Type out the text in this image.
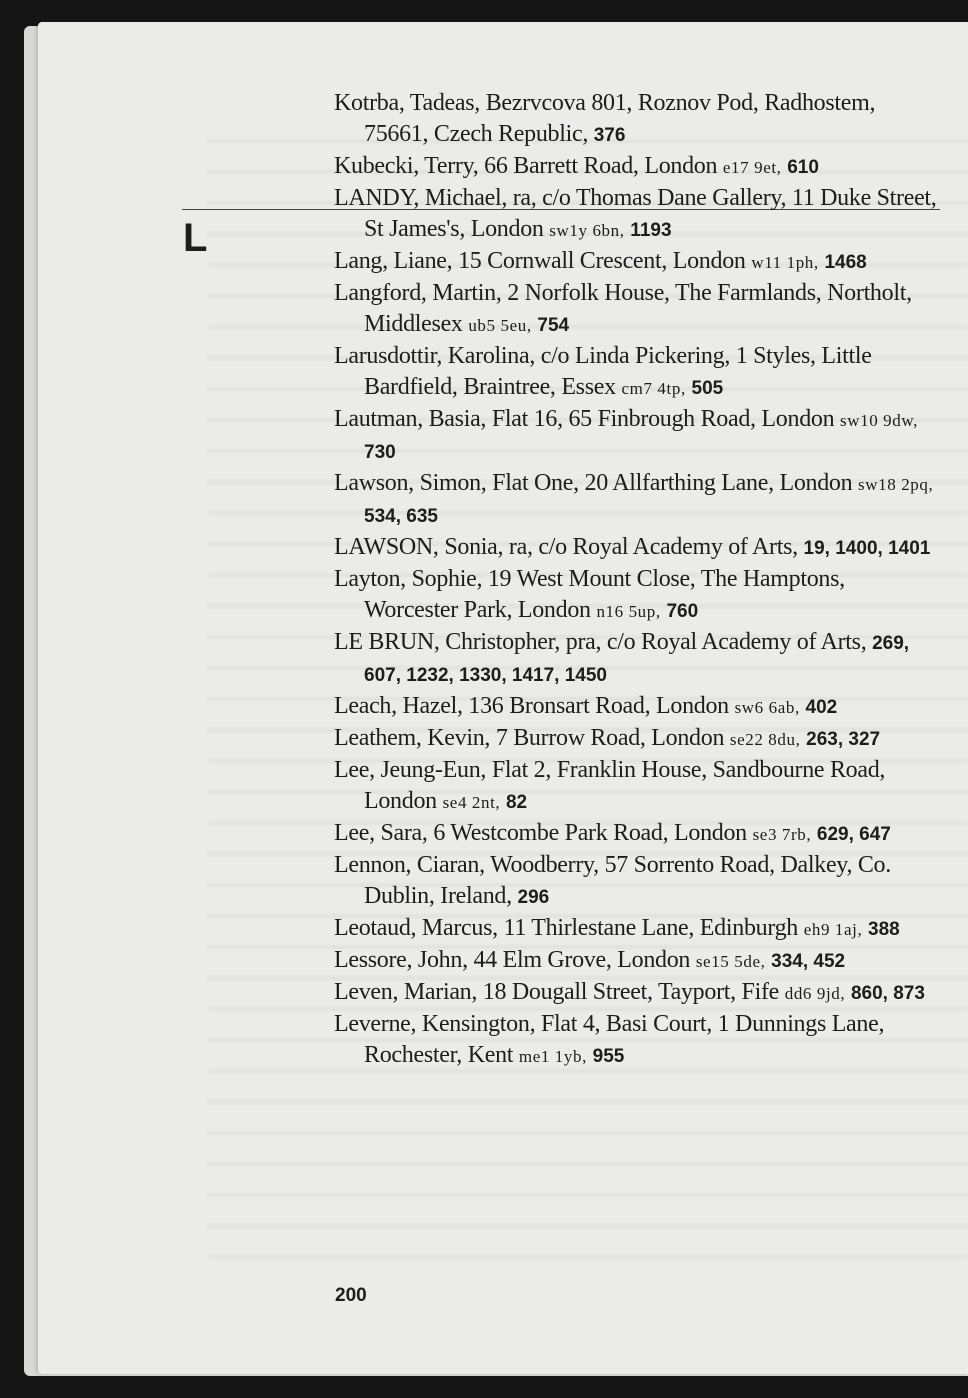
L
Kotrba, Tadeas, Bezrvcova 801, Roznov Pod, Radhostem, 75661, Czech Republic, 376
Kubecki, Terry, 66 Barrett Road, London e17 9et, 610
LANDY, Michael, ra, c/o Thomas Dane Gallery, 11 Duke Street, St James's, London sw1y 6bn, 1193
Lang, Liane, 15 Cornwall Crescent, London w11 1ph, 1468
Langford, Martin, 2 Norfolk House, The Farmlands, Northolt, Middlesex ub5 5eu, 754
Larusdottir, Karolina, c/o Linda Pickering, 1 Styles, Little Bardfield, Braintree, Essex cm7 4tp, 505
Lautman, Basia, Flat 16, 65 Finbrough Road, London sw10 9dw, 730
Lawson, Simon, Flat One, 20 Allfarthing Lane, London sw18 2pq, 534, 635
LAWSON, Sonia, ra, c/o Royal Academy of Arts, 19, 1400, 1401
Layton, Sophie, 19 West Mount Close, The Hamptons, Worcester Park, London n16 5up, 760
LE BRUN, Christopher, pra, c/o Royal Academy of Arts, 269, 607, 1232, 1330, 1417, 1450
Leach, Hazel, 136 Bronsart Road, London sw6 6ab, 402
Leathem, Kevin, 7 Burrow Road, London se22 8du, 263, 327
Lee, Jeung-Eun, Flat 2, Franklin House, Sandbourne Road, London se4 2nt, 82
Lee, Sara, 6 Westcombe Park Road, London se3 7rb, 629, 647
Lennon, Ciaran, Woodberry, 57 Sorrento Road, Dalkey, Co. Dublin, Ireland, 296
Leotaud, Marcus, 11 Thirlestane Lane, Edinburgh eh9 1aj, 388
Lessore, John, 44 Elm Grove, London se15 5de, 334, 452
Leven, Marian, 18 Dougall Street, Tayport, Fife dd6 9jd, 860, 873
Leverne, Kensington, Flat 4, Basi Court, 1 Dunnings Lane, Rochester, Kent me1 1yb, 955
200
